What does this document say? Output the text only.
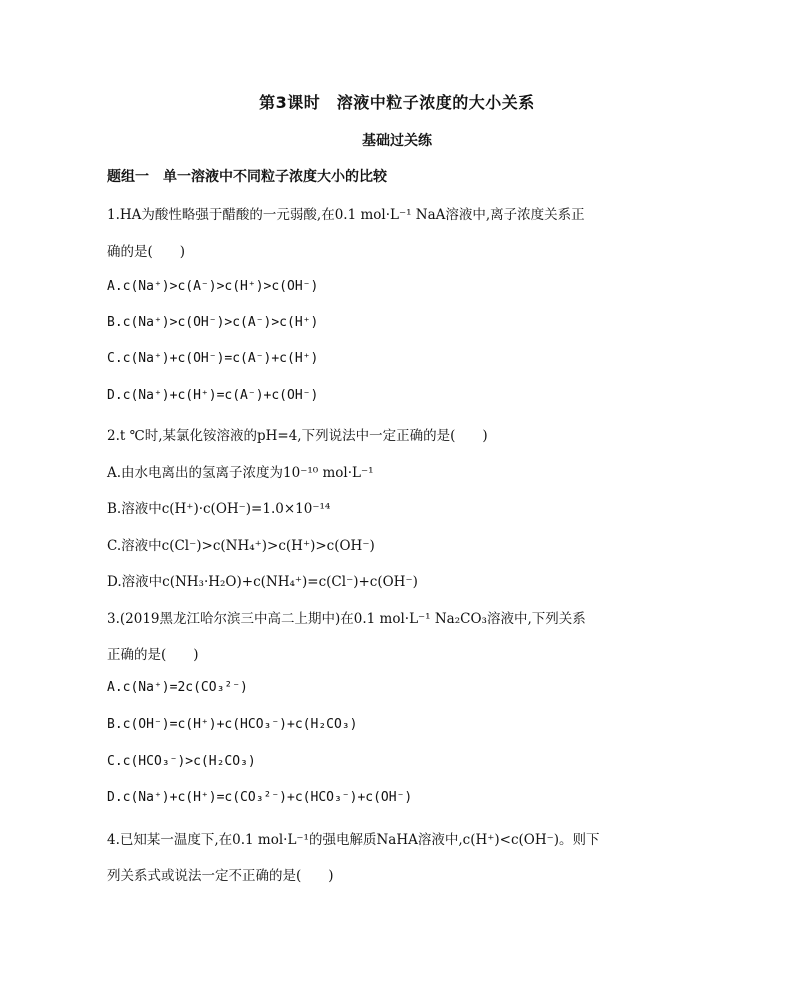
第3课时　溶液中粒子浓度的大小关系
基础过关练
题组一　单一溶液中不同粒子浓度大小的比较
1.HA为酸性略强于醋酸的一元弱酸,在0.1 mol·L⁻¹ NaA溶液中,离子浓度关系正
确的是(　　)
A.c(Na⁺)>c(A⁻)>c(H⁺)>c(OH⁻)
B.c(Na⁺)>c(OH⁻)>c(A⁻)>c(H⁺)
C.c(Na⁺)+c(OH⁻)=c(A⁻)+c(H⁺)
D.c(Na⁺)+c(H⁺)=c(A⁻)+c(OH⁻)
2.t ℃时,某氯化铵溶液的pH=4,下列说法中一定正确的是(　　)
A.由水电离出的氢离子浓度为10⁻¹⁰ mol·L⁻¹
B.溶液中c(H⁺)·c(OH⁻)=1.0×10⁻¹⁴
C.溶液中c(Cl⁻)>c(NH₄⁺)>c(H⁺)>c(OH⁻)
D.溶液中c(NH₃·H₂O)+c(NH₄⁺)=c(Cl⁻)+c(OH⁻)
3.(2019黑龙江哈尔滨三中高二上期中)在0.1 mol·L⁻¹ Na₂CO₃溶液中,下列关系
正确的是(　　)
A.c(Na⁺)=2c(CO₃²⁻)
B.c(OH⁻)=c(H⁺)+c(HCO₃⁻)+c(H₂CO₃)
C.c(HCO₃⁻)>c(H₂CO₃)
D.c(Na⁺)+c(H⁺)=c(CO₃²⁻)+c(HCO₃⁻)+c(OH⁻)
4.已知某一温度下,在0.1 mol·L⁻¹的强电解质NaHA溶液中,c(H⁺)<c(OH⁻)。则下
列关系式或说法一定不正确的是(　　)
